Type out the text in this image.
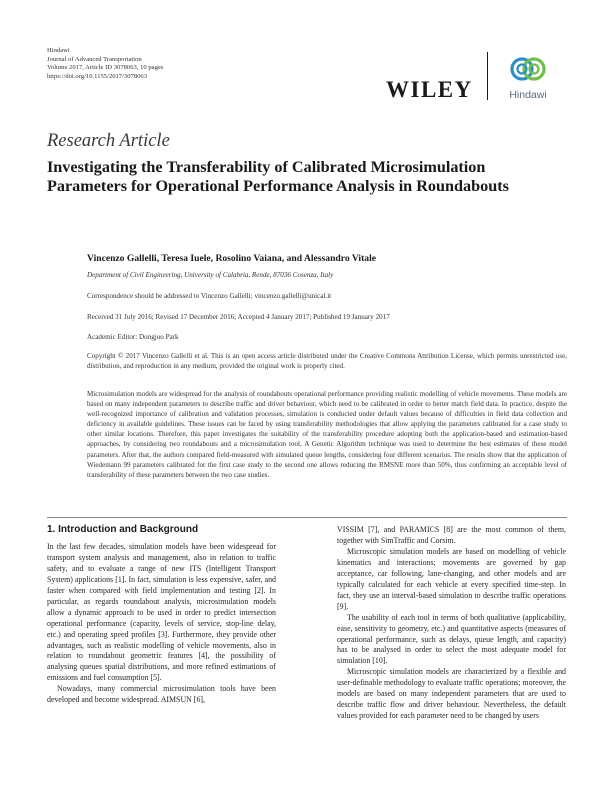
Hindawi
Journal of Advanced Transportation
Volume 2017, Article ID 3078063, 10 pages
https://doi.org/10.1155/2017/3078063
WILEY	Hindawi
Research Article
Investigating the Transferability of Calibrated Microsimulation Parameters for Operational Performance Analysis in Roundabouts
Vincenzo Gallelli, Teresa Iuele, Rosolino Vaiana, and Alessandro Vitale
Department of Civil Engineering, University of Calabria, Rende, 87036 Cosenza, Italy
Correspondence should be addressed to Vincenzo Gallelli; vincenzo.gallelli@unical.it
Received 31 July 2016; Revised 17 December 2016; Accepted 4 January 2017; Published 19 January 2017
Academic Editor: Dongjoo Park

Copyright © 2017 Vincenzo Gallelli et al. This is an open access article distributed under the Creative Commons Attribution License, which permits unrestricted use, distribution, and reproduction in any medium, provided the original work is properly cited.

Microsimulation models are widespread for the analysis of roundabouts operational performance providing realistic modelling of vehicle movements. These models are based on many independent parameters to describe traffic and driver behaviour, which need to be calibrated in order to better match field data. In practice, despite the well-recognized importance of calibration and validation processes, simulation is conducted under default values because of difficulties in field data collection and deficiency in available guidelines. These issues can be faced by using transferability methodologies that allow applying the parameters calibrated for a case study to other similar locations. Therefore, this paper investigates the suitability of the transferability procedure adopting both the application-based and estimation-based approaches, by considering two roundabouts and a microsimulation tool. A Genetic Algorithm technique was used to determine the best estimates of these model parameters. After that, the authors compared field-measured with simulated queue lengths, considering four different scenarios. The results show that the application of Wiedemann 99 parameters calibrated for the first case study to the second one allows reducing the RMSNE more than 50%, thus confirming an acceptable level of transferability of these parameters between the two case studies.

1. Introduction and Background

In the last few decades, simulation models have been widespread for transport system analysis and management, also in relation to traffic safety, and to evaluate a range of new ITS (Intelligent Transport System) applications [1]. In fact, simulation is less expensive, safer, and faster when compared with field implementation and testing [2]. In particular, as regards roundabout analysis, microsimulation models allow a dynamic approach to be used in order to predict intersection operational performance (capacity, levels of service, stop-line delay, etc.) and operating speed profiles [3]. Furthermore, they provide other advantages, such as realistic modelling of vehicle movements, also in relation to roundabout geometric features [4], the possibility of analysing queues spatial distributions, and more refined estimations of emissions and fuel consumption [5].

Nowadays, many commercial microsimulation tools have been developed and become widespread. AIMSUN [6],

VISSIM [7], and PARAMICS [8] are the most common of them, together with SimTraffic and Corsim.

Microscopic simulation models are based on modelling of vehicle kinematics and interactions; movements are governed by gap acceptance, car following, lane-changing, and other models and are typically calculated for each vehicle at every specified time-step. In fact, they use an interval-based simulation to describe traffic operations [9].

The usability of each tool in terms of both qualitative (applicability, ease, sensitivity to geometry, etc.) and quantitative aspects (measures of operational performance, such as delays, queue length, and capacity) has to be analysed in order to select the most adequate model for simulation [10].

Microscopic simulation models are characterized by a flexible and user-definable methodology to evaluate traffic operations; moreover, the models are based on many independent parameters that are used to describe traffic flow and driver behaviour. Nevertheless, the default values provided for each parameter need to be changed by users
